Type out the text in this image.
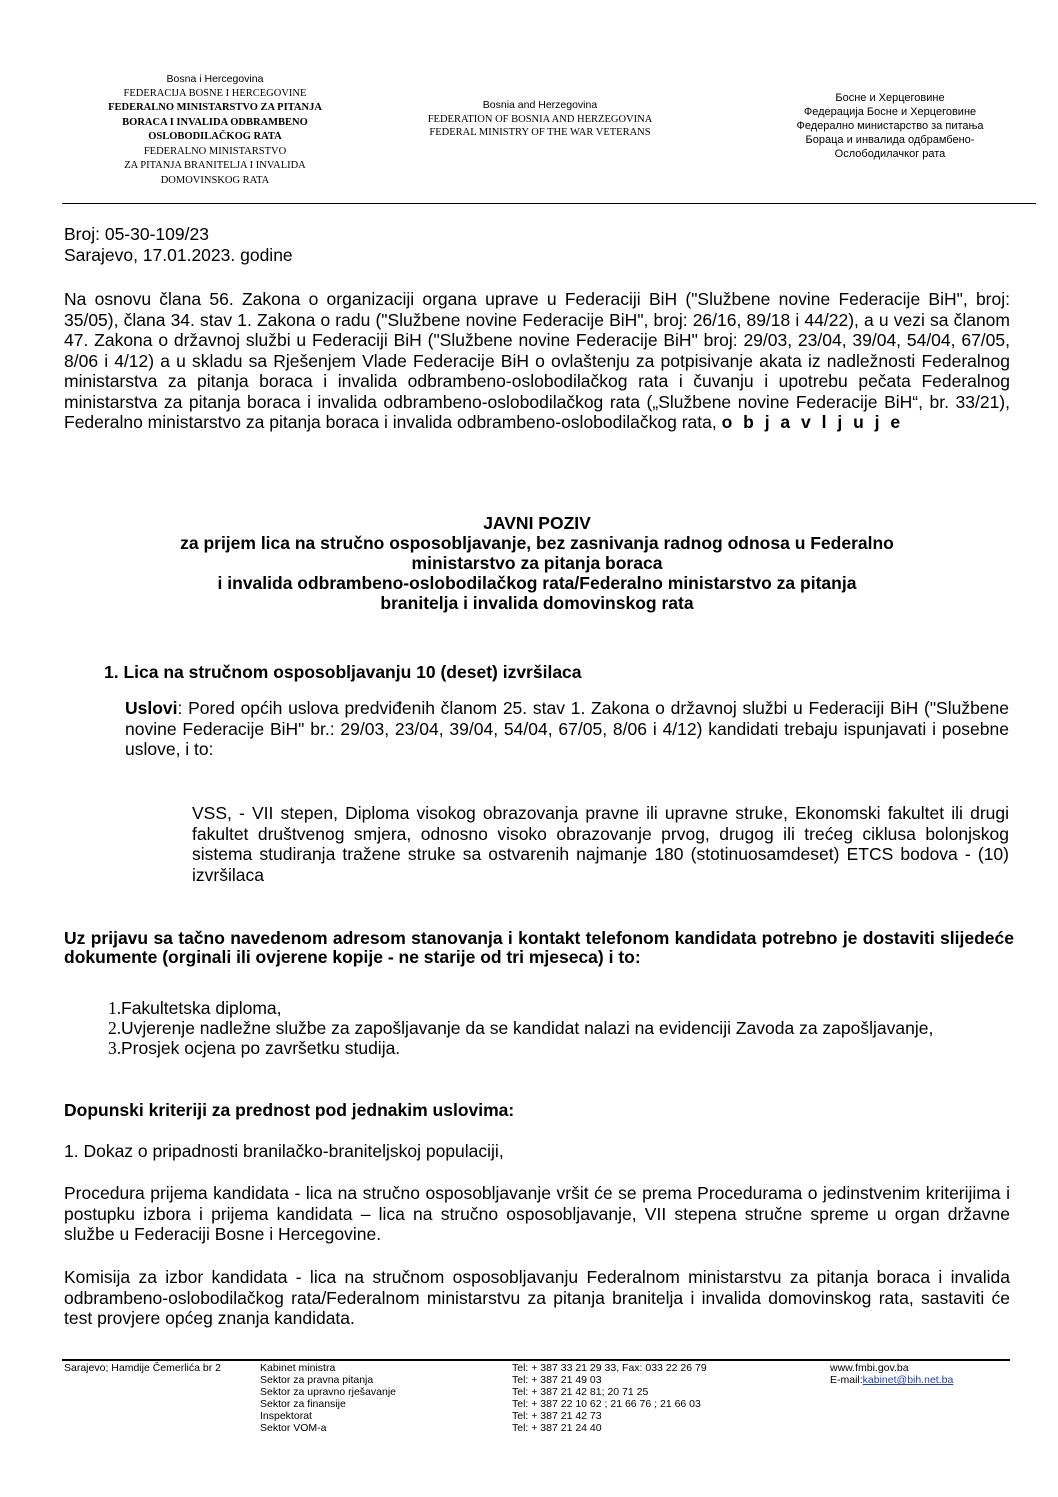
Bosna i Hercegovina
FEDERACIJA BOSNE I HERCEGOVINE
FEDERALNO MINISTARSTVO ZA PITANJA
BORACA I INVALIDA ODBRAMBENO
OSLOBODILAČKOG RATA
FEDERALNO MINISTARSTVO
ZA PITANJA BRANITELJA I INVALIDA
DOMOVINSKOG RATA
Bosnia and Herzegovina
FEDERATION OF BOSNIA AND HERZEGOVINA
FEDERAL MINISTRY OF THE WAR VETERANS
Босне и Херцеговине
Федерација Босне и Херцеговине
Федерално министарство за питања
Бораца и инвалида одбрамбено-
Ослободилачког рата
Broj: 05-30-109/23
Sarajevo, 17.01.2023. godine
Na osnovu člana 56. Zakona o organizaciji organa uprave u Federaciji BiH ("Službene novine Federacije BiH", broj: 35/05), člana 34. stav 1. Zakona o radu ("Službene novine Federacije BiH", broj: 26/16, 89/18 i 44/22), a u vezi sa članom 47. Zakona o državnoj službi u Federaciji BiH ("Službene novine Federacije BiH" broj: 29/03, 23/04, 39/04, 54/04, 67/05, 8/06 i 4/12) a u skladu sa Rješenjem Vlade Federacije BiH o ovlaštenju za potpisivanje akata iz nadležnosti Federalnog ministarstva za pitanja boraca i invalida odbrambeno-oslobodilačkog rata i čuvanju i upotrebu pečata Federalnog ministarstva za pitanja boraca i invalida odbrambeno-oslobodilačkog rata („Službene novine Federacije BiH“, br. 33/21), Federalno ministarstvo za pitanja boraca i invalida odbrambeno-oslobodilačkog rata, o b j a v l j u j e
JAVNI POZIV
za prijem lica na stručno osposobljavanje, bez zasnivanja radnog odnosa u Federalno
ministarstvo za pitanja boraca
i invalida odbrambeno-oslobodilačkog rata/Federalno ministarstvo za pitanja
branitelja i invalida domovinskog rata
1. Lica na stručnom osposobljavanju 10 (deset) izvršilaca
Uslovi: Pored općih uslova predviđenih članom 25. stav 1. Zakona o državnoj službi u Federaciji BiH ("Službene novine Federacije BiH" br.: 29/03, 23/04, 39/04, 54/04, 67/05, 8/06 i 4/12) kandidati trebaju ispunjavati i posebne uslove, i to:
VSS, - VII stepen, Diploma visokog obrazovanja pravne ili upravne struke, Ekonomski fakultet ili drugi fakultet društvenog smjera, odnosno visoko obrazovanje prvog, drugog ili trećeg ciklusa bolonjskog sistema studiranja tražene struke sa ostvarenih najmanje 180 (stotinuosamdeset) ETCS bodova - (10) izvršilaca
Uz prijavu sa tačno navedenom adresom stanovanja i kontakt telefonom kandidata potrebno je dostaviti slijedeće dokumente (orginali ili ovjerene kopije - ne starije od tri mjeseca) i to:
1. Fakultetska diploma,
2. Uvjerenje nadležne službe za zapošljavanje da se kandidat nalazi na evidenciji Zavoda za zapošljavanje,
3. Prosjek ocjena po završetku studija.
Dopunski kriteriji za prednost pod jednakim uslovima:
1. Dokaz o pripadnosti branilačko-braniteljskoj populaciji,
Procedura prijema kandidata - lica na stručno osposobljavanje vršit će se prema Procedurama o jedinstvenim kriterijima i postupku izbora i prijema kandidata – lica na stručno osposobljavanje, VII stepena stručne spreme u organ državne službe u Federaciji Bosne i Hercegovine.
Komisija za izbor kandidata - lica na stručnom osposobljavanju Federalnom ministarstvu za pitanja boraca i invalida odbrambeno-oslobodilačkog rata/Federalnom ministarstvu za pitanja branitelja i invalida domovinskog rata, sastaviti će test provjere općeg znanja kandidata.
Sarajevo; Hamdije Čemerlića br 2	Kabinet ministra
Sektor za pravna pitanja
Sektor za upravno rješavanje
Sektor za finansije
Inspektorat
Sektor VOM-a
Tel: + 387 33 21 29 33, Fax: 033 22 26 79
Tel: + 387 21 49 03
Tel: + 387 21 42 81; 20 71 25
Tel: + 387 22 10 62 ; 21 66 76 ; 21 66 03
Tel: + 387 21 42 73
Tel: + 387 21 24 40
www.fmbi.gov.ba
E-mail:kabinet@bih.net.ba
